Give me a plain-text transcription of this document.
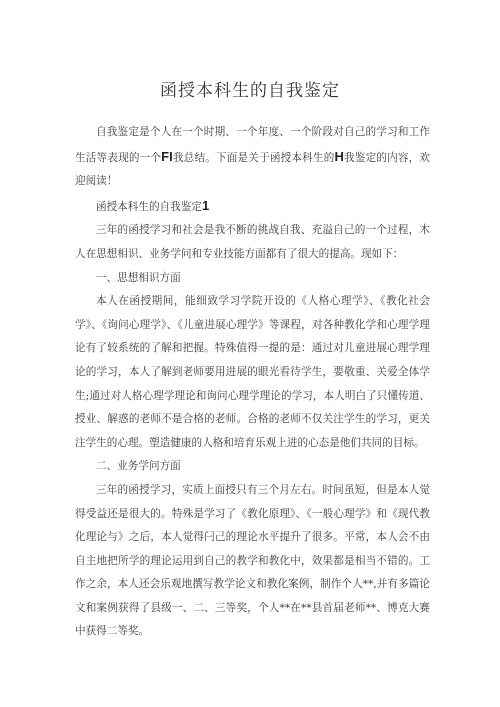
函授本科生的自我鉴定

自我鉴定是个人在一个时期、一个年度、一个阶段对自己的学习和工作生活等表现的一个FI我总结。下面是关于函授本科生的H我鉴定的内容，欢迎阅读！

函授本科生的自我鉴定1

三年的函授学习和社会是我不断的挑战自我、充溢自己的一个过程，木人在思想相识、业务学问和专业技能方面都有了很大的提高。现如下：

一、思想相识方面

本人在函授期间，能细致学习学院开设的《人格心理学》、《教化社会学》、《询问心理学》、《儿童进展心理学》等课程，对各种教化学和心理学理论有了较系统的了解和把握。特殊值得一提的是：通过对儿童进展心理学理论的学习，本人了解到老师要用进展的眼光看待学生，要敬重、关爱全体学生;通过对人格心理学理论和询问心理学理论的学习，本人明白了只懂传道、授业、解惑的老师不是合格的老师。合格的老师不仅关注学生的学习，更关注学生的心理。塑造健康的人格和培育乐观上进的心态是他们共同的目标。

二、业务学问方面

三年的函授学习，实质上面授只有三个月左右。时间虽短，但是本人觉得受益还是很大的。特殊是学习了《教化原理》、《一般心理学》和《现代教化理论与》之后，本人觉得闩己的理论水平提升了很多。平常，本人会不由自主地把所学的理论运用到自己的教学和教化中，效果都是相当不错的。工作之余，本人还会乐观地撰写教学论文和教化案例，制作个人**,并有多篇论文和案例获得了县级一、二、三等奖，个人**在**县首届老师**、博克大赛中获得二等奖。
